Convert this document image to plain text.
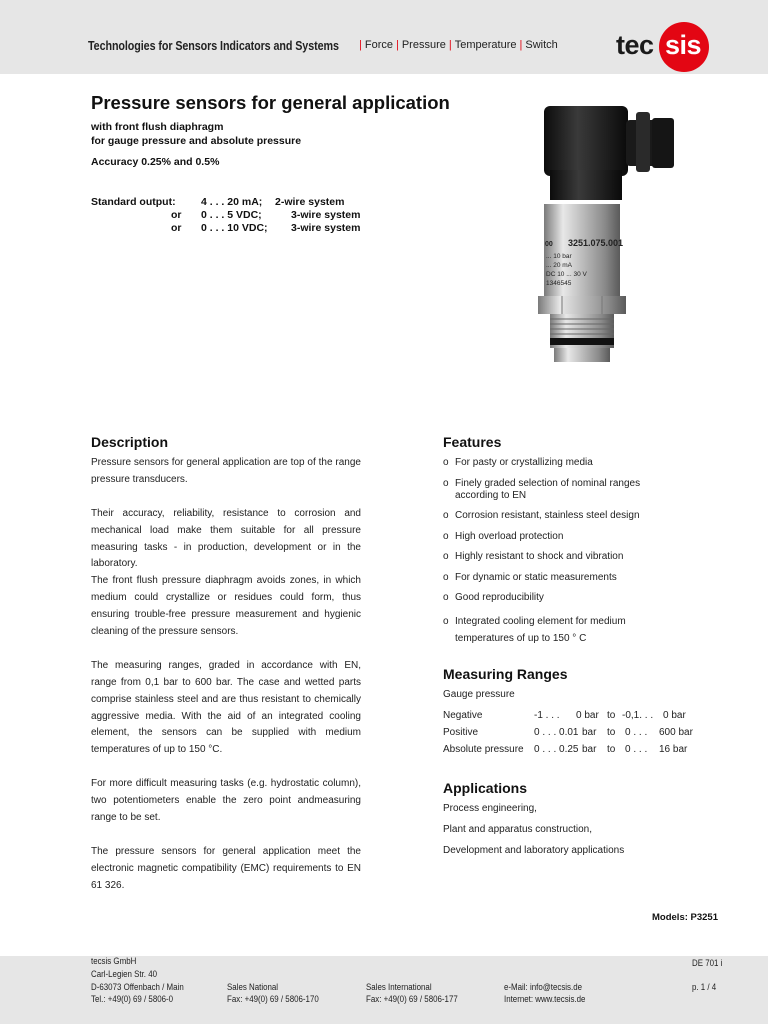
Technologies for Sensors Indicators and Systems | Force | Pressure | Temperature | Switch tec sis
Pressure sensors for general application
with front flush diaphragm
for gauge pressure and absolute pressure
Accuracy 0.25% and 0.5%
Standard output: 4 . . . 20 mA; 2-wire system
or 0 . . . 5 VDC;	3-wire system
or 0 . . . 10 VDC; 3-wire system
3251.075.001
00
... 10 bar
... 20 mA
DC 10 ... 30 V
1346545
Description

Pressure sensors for general application are top of the range pressure transducers.

Their accuracy, reliability, resistance to corrosion and mechanical load make them suitable for all pressure measuring tasks - in production, development or in the laboratory.

The front flush pressure diaphragm avoids zones, in which medium could crystallize or residues could form, thus ensuring trouble-free pressure measurement and hygienic cleaning of the pressure sensors.

The measuring ranges, graded in accordance with EN, range from 0,1 bar to 600 bar. The case and wetted parts comprise stainless steel and are thus resistant to chemically aggressive media. With the aid of an integrated cooling element, the sensors can be supplied with medium temperatures of up to 150 °C.

For more difficult measuring tasks (e.g. hydrostatic column), two potentiometers enable the zero point andmeasuring range to be set.

The pressure sensors for general application meet the electronic magnetic compatibility (EMC) requirements to EN 61 326.

Features
o For pasty or crystallizing media
o Finely graded selection of nominal ranges according to EN
o Corrosion resistant, stainless steel design
o High overload protection
o Highly resistant to shock and vibration
o For dynamic or static measurements
o Good reproducibility
o Integrated cooling element for medium temperatures of up to 150 ° C
Measuring Ranges
Gauge pressure
Negative	-1 . . . 0 bar to -0,1. . . 0 bar
Positive	0 . . . 0.01 bar to 0 . . . 600 bar
Absolute pressure 0 . . . 0.25 bar to 0 . . . 16 bar
Applications
Process engineering,
Plant and apparatus construction,
Development and laboratory applications
Models: P3251
tecsis GmbH
Carl-Legien Str. 40
D-63073 Offenbach / Main
Tel.: +49(0) 69 / 5806-0
Sales National
Fax: +49(0) 69 / 5806-170
Sales International
Fax: +49(0) 69 / 5806-177
e-Mail: info@tecsis.de
Internet: www.tecsis.de
DE 701 i
p. 1 / 4
